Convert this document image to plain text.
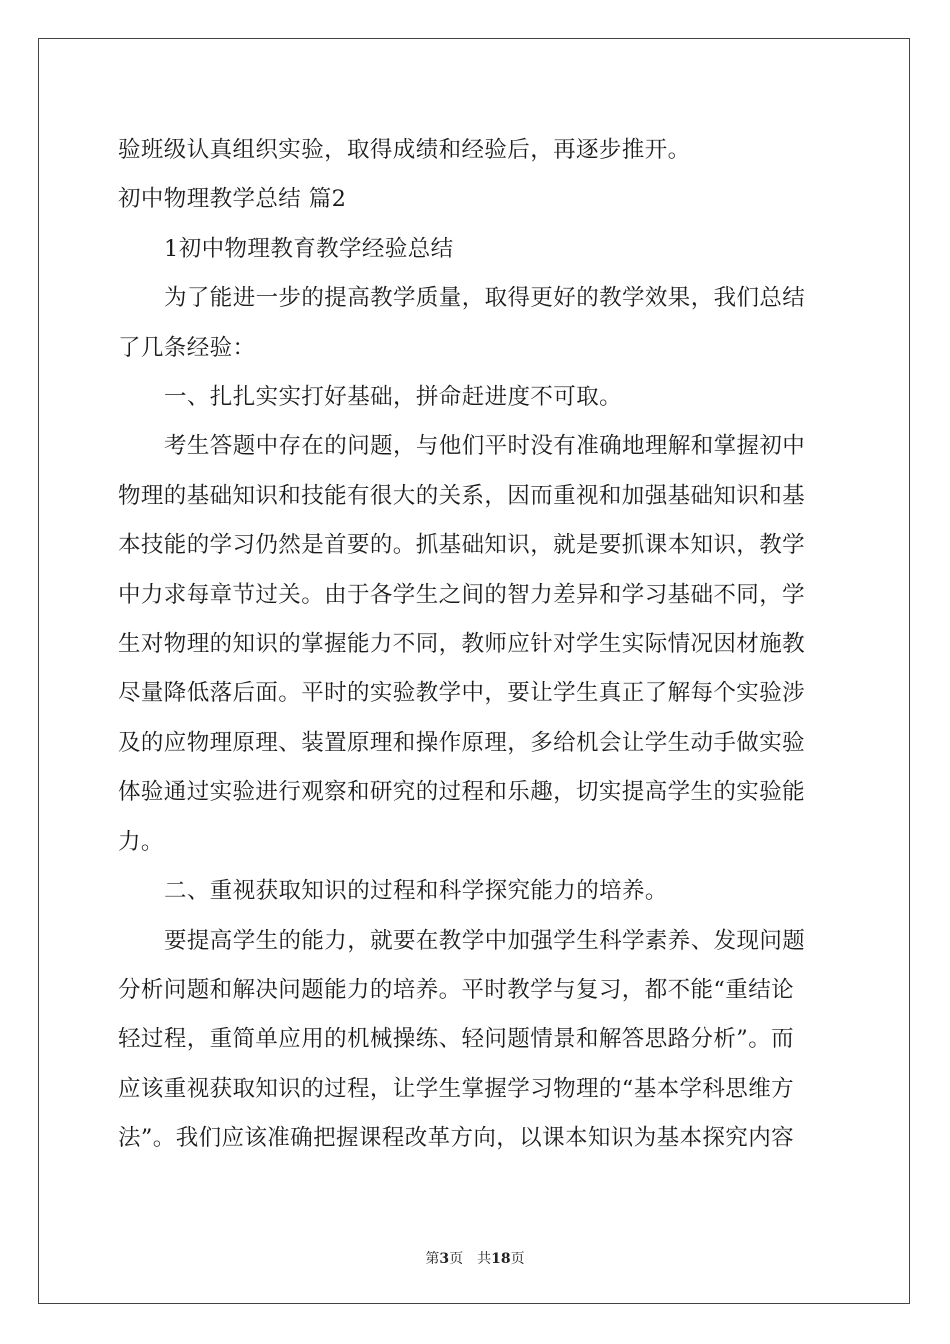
验班级认真组织实验，取得成绩和经验后，再逐步推开。
初中物理教学总结 篇2
1初中物理教育教学经验总结
为了能进一步的提高教学质量，取得更好的教学效果，我们总结
了几条经验：
一、扎扎实实打好基础，拼命赶进度不可取。
考生答题中存在的问题，与他们平时没有准确地理解和掌握初中
物理的基础知识和技能有很大的关系，因而重视和加强基础知识和基
本技能的学习仍然是首要的。抓基础知识，就是要抓课本知识，教学
中力求每章节过关。由于各学生之间的智力差异和学习基础不同，学
生对物理的知识的掌握能力不同，教师应针对学生实际情况因材施教
尽量降低落后面。平时的实验教学中，要让学生真正了解每个实验涉
及的应物理原理、装置原理和操作原理，多给机会让学生动手做实验
体验通过实验进行观察和研究的过程和乐趣，切实提高学生的实验能
力。
二、重视获取知识的过程和科学探究能力的培养。
要提高学生的能力，就要在教学中加强学生科学素养、发现问题
分析问题和解决问题能力的培养。平时教学与复习，都不能“重结论
轻过程，重简单应用的机械操练、轻问题情景和解答思路分析”。而
应该重视获取知识的过程，让学生掌握学习物理的“基本学科思维方
法”。我们应该准确把握课程改革方向，以课本知识为基本探究内容
第3页 共18页
